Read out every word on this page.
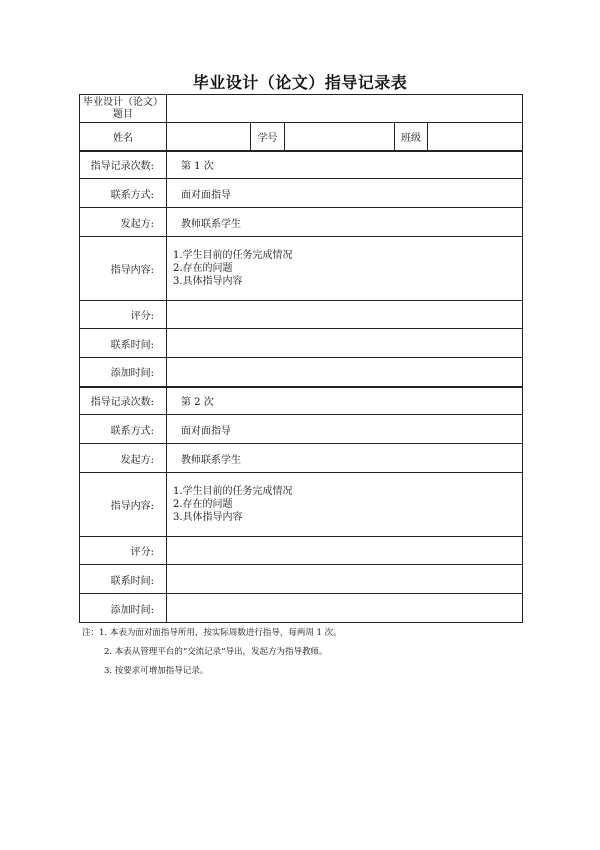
毕业设计（论文）指导记录表
毕业设计（论文）
题目					
姓名		学号		班级	
指导记录次数:	第 1 次				
联系方式:	面对面指导				
发起方:	教师联系学生				
指导内容:	1.学生目前的任务完成情况
2.存在的问题
3.具体指导内容				

评分:					
联系时间:					
添加时间:					
指导记录次数:	第 2 次				
联系方式:	面对面指导				
发起方:	教师联系学生				
指导内容:	1.学生目前的任务完成情况
2.存在的问题
3.具体指导内容				

评分:					
联系时间:					
添加时间:					
注：1. 本表为面对面指导所用，按实际周数进行指导，每两周 1 次。
2. 本表从管理平台的“交流记录”导出，发起方为指导教师。
3. 按要求可增加指导记录。
